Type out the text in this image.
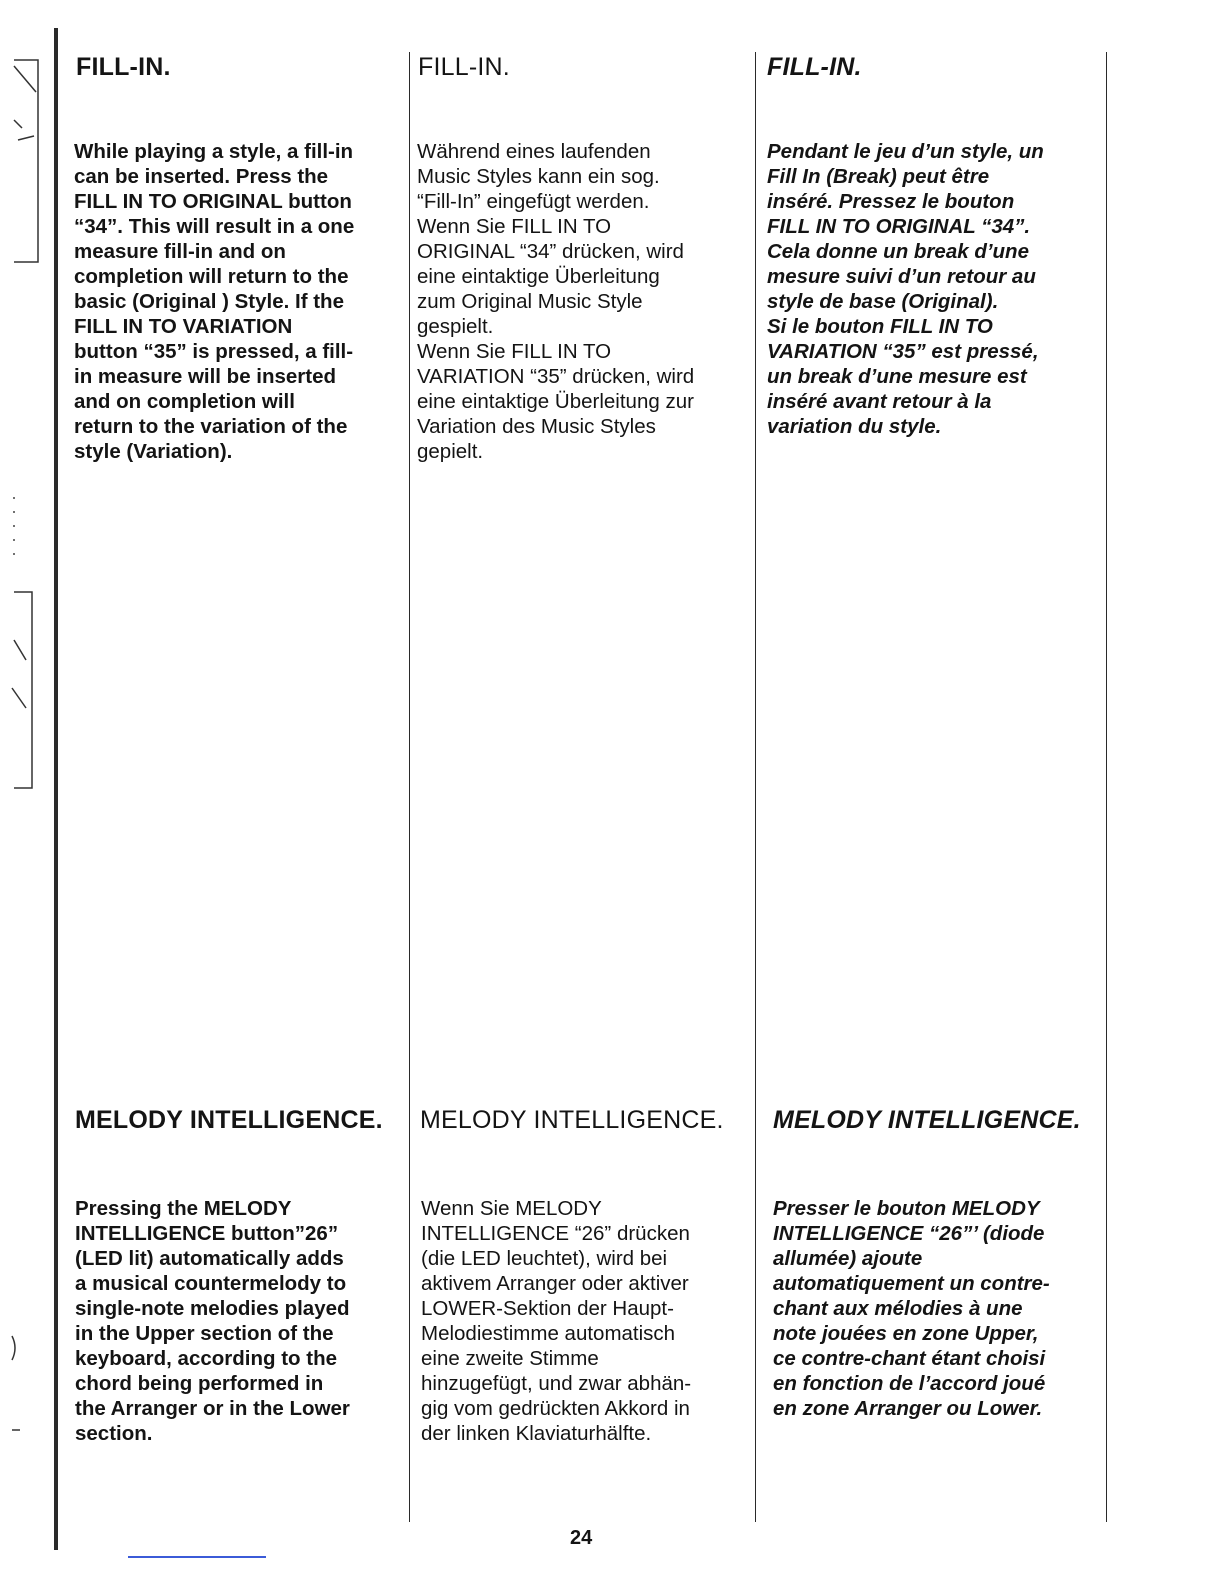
FILL-IN.
While playing a style, a fill-in
can be inserted. Press the
FILL IN TO ORIGINAL button
“34”. This will result in a one
measure fill-in and on
completion will return to the
basic (Original ) Style. If the
FILL IN TO VARIATION
button “35” is pressed, a fill-
in measure will be inserted
and on completion will
return to the variation of the
style (Variation).
FILL-IN.
Während eines laufenden
Music Styles kann ein sog.
“Fill-In” eingefügt werden.
Wenn Sie FILL IN TO
ORIGINAL “34” drücken, wird
eine eintaktige Überleitung
zum Original Music Style
gespielt.
Wenn Sie FILL IN TO
VARIATION “35” drücken, wird
eine eintaktige Überleitung zur
Variation des Music Styles
gepielt.
FILL-IN.
Pendant le jeu d’un style, un
Fill In (Break) peut être
inséré. Pressez le bouton
FILL IN TO ORIGINAL “34”.
Cela donne un break d’une
mesure suivi d’un retour au
style de base (Original).
Si le bouton FILL IN TO
VARIATION “35” est pressé,
un break d’une mesure est
inséré avant retour à la
variation du style.
MELODY INTELLIGENCE.
Pressing the MELODY
INTELLIGENCE button”26”
(LED lit) automatically adds
a musical countermelody to
single-note melodies played
in the Upper section of the
keyboard, according to the
chord being performed in
the Arranger or in the Lower
section.
MELODY INTELLIGENCE.
Wenn Sie MELODY
INTELLIGENCE “26” drücken
(die LED leuchtet), wird bei
aktivem Arranger oder aktiver
LOWER-Sektion der Haupt-
Melodiestimme automatisch
eine zweite Stimme
hinzugefügt, und zwar abhän-
gig vom gedrückten Akkord in
der linken Klaviaturhälfte.
MELODY INTELLIGENCE.
Presser le bouton MELODY
INTELLIGENCE “26”’ (diode
allumée) ajoute
automatiquement un contre-
chant aux mélodies à une
note jouées en zone Upper,
ce contre-chant étant choisi
en fonction de l’accord joué
en zone Arranger ou Lower.
24
